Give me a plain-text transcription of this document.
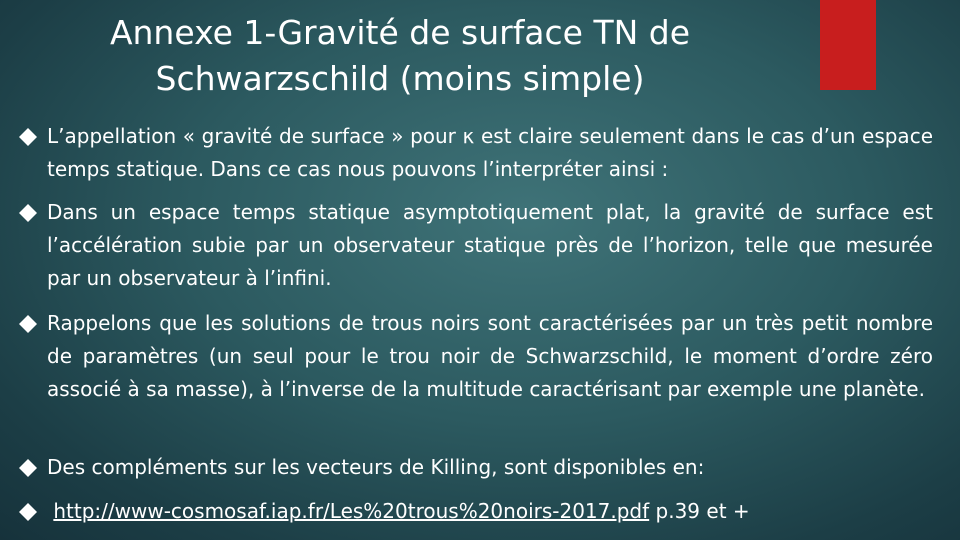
Annexe 1-Gravité de surface TN de
Schwarzschild (moins simple)
L’appellation « gravité de surface » pour κ est claire seulement dans le cas d’un espace temps statique. Dans ce cas nous pouvons l’interpréter ainsi :
Dans un espace temps statique asymptotiquement plat, la gravité de surface est l’accélération subie par un observateur statique près de l’horizon, telle que mesurée par un observateur à l’infini.
Rappelons que les solutions de trous noirs sont caractérisées par un très petit nombre de paramètres (un seul pour le trou noir de Schwarzschild, le moment d’ordre zéro associé à sa masse), à l’inverse de la multitude caractérisant par exemple une planète.
Des compléments sur les vecteurs de Killing, sont disponibles en:
http://www-cosmosaf.iap.fr/Les%20trous%20noirs-2017.pdf p.39 et +
